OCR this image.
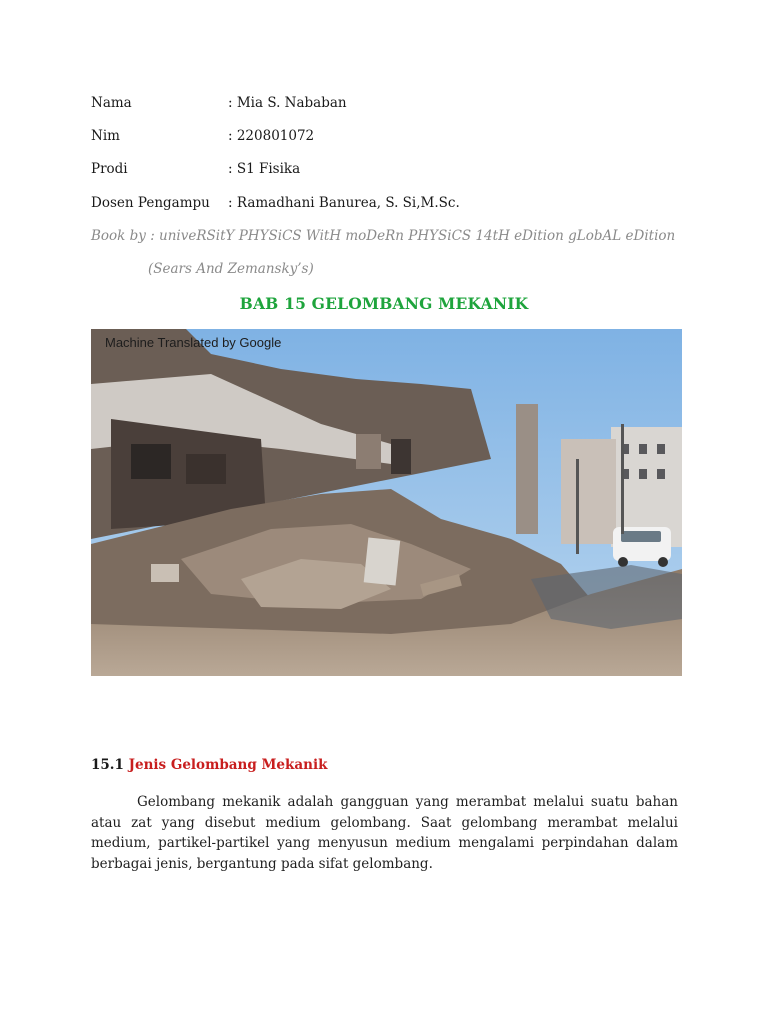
Nama	: Mia S. Nababan
Nim	: 220801072
Prodi	: S1 Fisika
Dosen Pengampu : Ramadhani Banurea, S. Si,M.Sc.
Book by : univeRSitY PHYSiCS WitH moDeRn PHYSiCS 14tH eDition gLobAL eDition
(Sears And Zemansky’s)
BAB 15 GELOMBANG MEKANIK
Machine Translated by Google
15.1 Jenis Gelombang Mekanik
Gelombang mekanik adalah gangguan yang merambat melalui suatu bahan atau zat yang disebut medium gelombang. Saat gelombang merambat melalui medium, partikel-partikel yang menyusun medium mengalami perpindahan dalam berbagai jenis, bergantung pada sifat gelombang.
